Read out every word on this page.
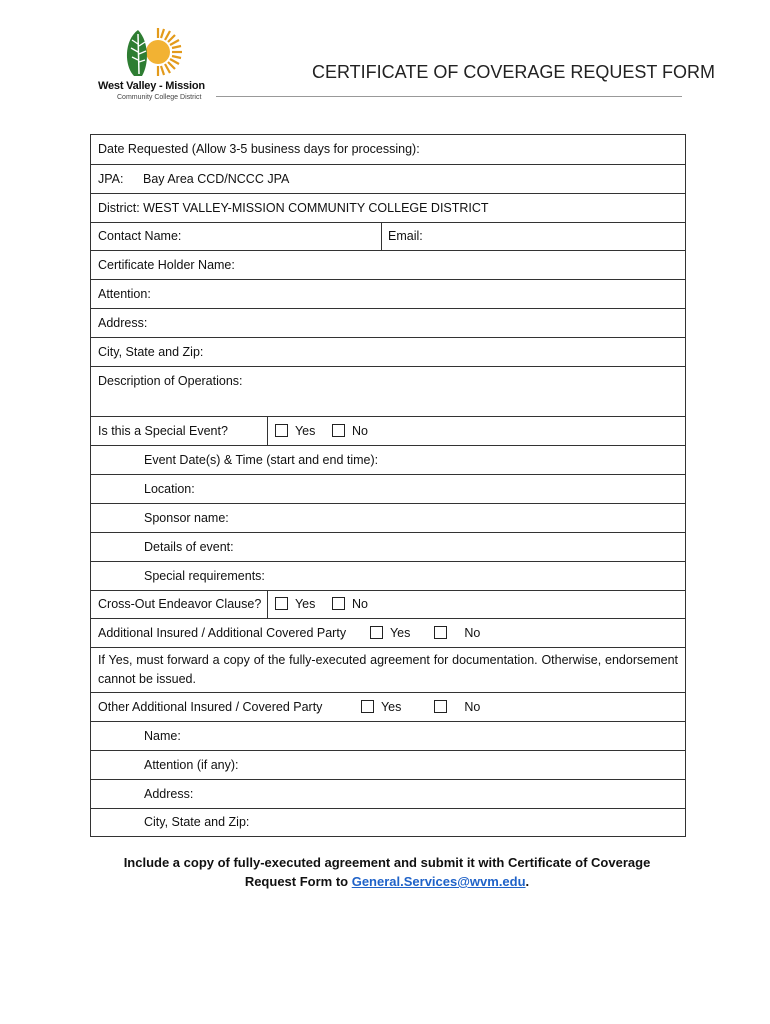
West Valley - Mission
Community College District
CERTIFICATE OF COVERAGE REQUEST FORM
Date Requested (Allow 3-5 business days for processing):
JPA: Bay Area CCD/NCCC JPA
District: WEST VALLEY-MISSION COMMUNITY COLLEGE DISTRICT
Contact Name:	Email:
Certificate Holder Name:
Attention:
Address:
City, State and Zip:
Description of Operations:
Is this a Special Event?	Yes	No
Event Date(s) & Time (start and end time):
Location:
Sponsor name:
Details of event:
Special requirements:
Cross-Out Endeavor Clause?	Yes	No
Additional Insured / Additional Covered Party	Yes	No
If Yes, must forward a copy of the fully-executed agreement for documentation. Otherwise, endorsement cannot be issued.
Other Additional Insured / Covered Party	Yes	No
Name:
Attention (if any):
Address:
City, State and Zip:
Include a copy of fully-executed agreement and submit it with Certificate of Coverage
Request Form to General.Services@wvm.edu.
